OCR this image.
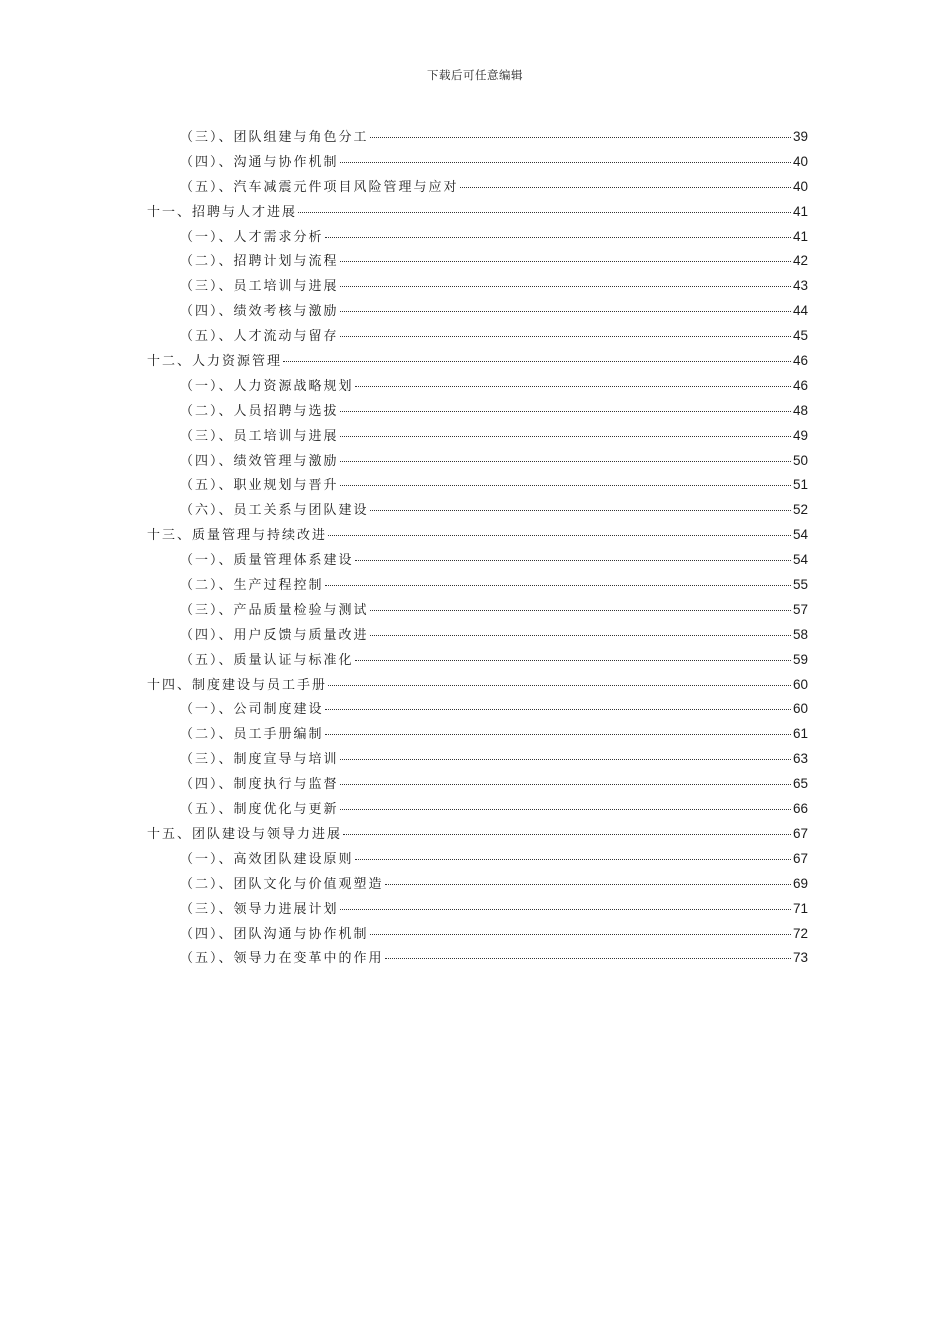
下载后可任意编辑
（三）、团队组建与角色分工	39
（四）、沟通与协作机制	40
（五）、汽车减震元件项目风险管理与应对	40
十一、招聘与人才进展	41
（一）、人才需求分析	41
（二）、招聘计划与流程	42
（三）、员工培训与进展	43
（四）、绩效考核与激励	44
（五）、人才流动与留存	45
十二、人力资源管理	46
（一）、人力资源战略规划	46
（二）、人员招聘与选拔	48
（三）、员工培训与进展	49
（四）、绩效管理与激励	50
（五）、职业规划与晋升	51
（六）、员工关系与团队建设	52
十三、质量管理与持续改进	54
（一）、质量管理体系建设	54
（二）、生产过程控制	55
（三）、产品质量检验与测试	57
（四）、用户反馈与质量改进	58
（五）、质量认证与标准化	59
十四、制度建设与员工手册	60
（一）、公司制度建设	60
（二）、员工手册编制	61
（三）、制度宣导与培训	63
（四）、制度执行与监督	65
（五）、制度优化与更新	66
十五、团队建设与领导力进展	67
（一）、高效团队建设原则	67
（二）、团队文化与价值观塑造	69
（三）、领导力进展计划	71
（四）、团队沟通与协作机制	72
（五）、领导力在变革中的作用	73
